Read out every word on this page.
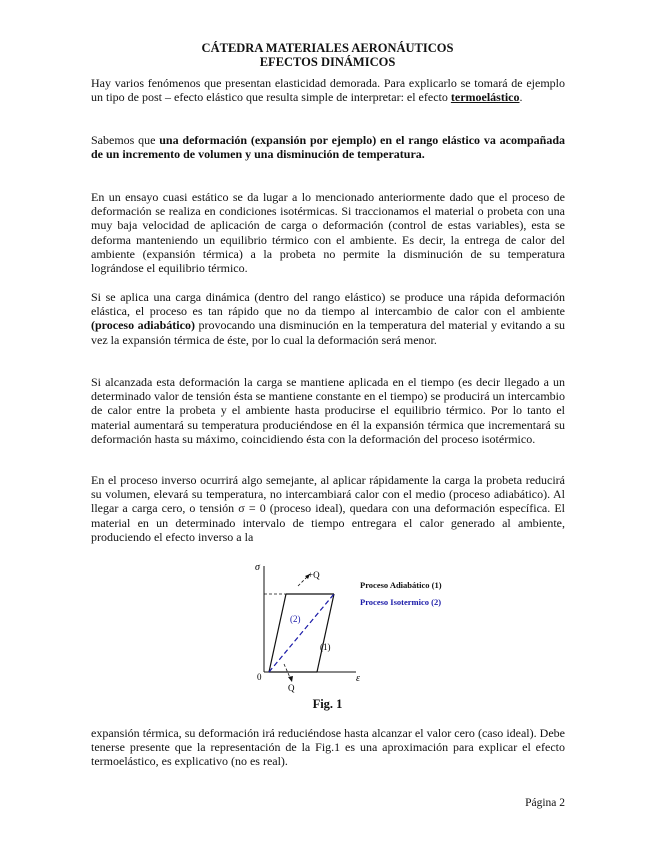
CÁTEDRA MATERIALES AERONÁUTICOS
EFECTOS DINÁMICOS

Hay varios fenómenos que presentan elasticidad demorada. Para explicarlo se tomará de ejemplo un tipo de post – efecto elástico que resulta simple de interpretar: el efecto termoelástico.

Sabemos que una deformación (expansión por ejemplo) en el rango elástico va acompañada de un incremento de volumen y una disminución de temperatura.

En un ensayo cuasi estático se da lugar a lo mencionado anteriormente dado que el proceso de deformación se realiza en condiciones isotérmicas. Si traccionamos el material o probeta con una muy baja velocidad de aplicación de carga o deformación (control de estas variables), esta se deforma manteniendo un equilibrio térmico con el ambiente. Es decir, la entrega de calor del ambiente (expansión térmica) a la probeta no permite la disminución de su temperatura lográndose el equilibrio térmico.

Si se aplica una carga dinámica (dentro del rango elástico) se produce una rápida deformación elástica, el proceso es tan rápido que no da tiempo al intercambio de calor con el ambiente (proceso adiabático) provocando una disminución en la temperatura del material y evitando a su vez la expansión térmica de éste, por lo cual la deformación será menor.

Si alcanzada esta deformación la carga se mantiene aplicada en el tiempo (es decir llegado a un determinado valor de tensión ésta se mantiene constante en el tiempo) se producirá un intercambio de calor entre la probeta y el ambiente hasta producirse el equilibrio térmico. Por lo tanto el material aumentará su temperatura produciéndose en él la expansión térmica que incrementará su deformación hasta su máximo, coincidiendo ésta con la deformación del proceso isotérmico.

En el proceso inverso ocurrirá algo semejante, al aplicar rápidamente la carga la probeta reducirá su volumen, elevará su temperatura, no intercambiará calor con el medio (proceso adiabático). Al llegar a carga cero, o tensión σ = 0 (proceso ideal), quedara con una deformación específica. El material en un determinado intervalo de tiempo entregara el calor generado al ambiente, produciendo el efecto inverso a la

σ
ε
0
+Q
Q
(2)
(1)
Proceso Adiabático (1)
Proceso Isotermico (2)
Fig. 1

expansión térmica, su deformación irá reduciéndose hasta alcanzar el valor cero (caso ideal). Debe tenerse presente que la representación de la Fig.1 es una aproximación para explicar el efecto termoelástico, es explicativo (no es real).

Página 2
